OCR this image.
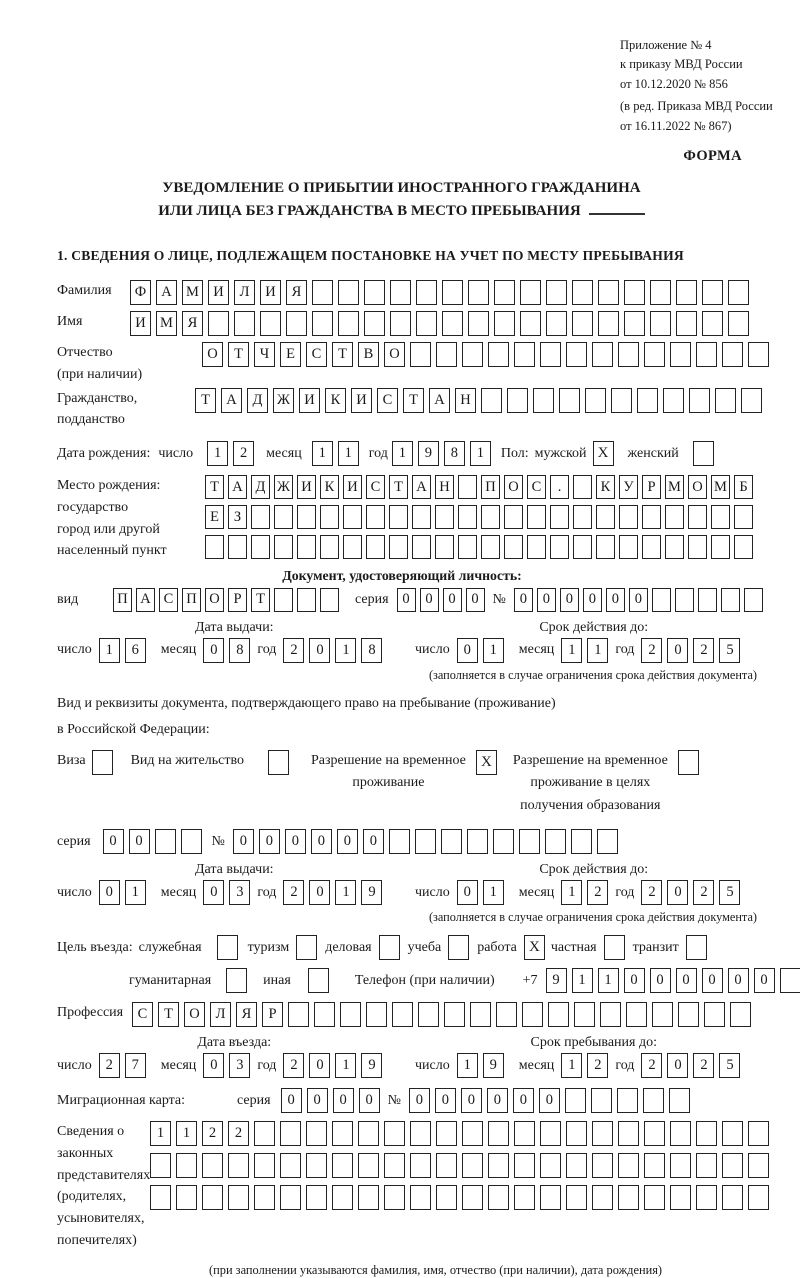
Приложение № 4
к приказу МВД России
от 10.12.2020 № 856
(в ред. Приказа МВД России
от 16.11.2022 № 867)
ФОРМА
УВЕДОМЛЕНИЕ О ПРИБЫТИИ ИНОСТРАННОГО ГРАЖДАНИНА
ИЛИ ЛИЦА БЕЗ ГРАЖДАНСТВА В МЕСТО ПРЕБЫВАНИЯ
1. СВЕДЕНИЯ О ЛИЦЕ, ПОДЛЕЖАЩЕМ ПОСТАНОВКЕ НА УЧЕТ ПО МЕСТУ ПРЕБЫВАНИЯ
Фамилия	Ф	А М И	Л	И	Я
Имя	И М	Я
Отчество
(при наличии)
О	Т	Ч	Е	С	Т	В	О
Гражданство,
подданство
Т	А	Д	Ж И	К	И	С	Т	А	Н
Дата рождения: число	1	2	месяц	1	1	год 1	9	8	1	Пол: мужской X	женский
Место рождения:
государство
город или другой
населенный пункт
Т А Д Ж И К И С Т А Н П О С	.	К У Р М О М Б
Е	З
Документ, удостоверяющий личность:
вид	П А С П О Р	Т	серия 0	0	0	0 № 0	0	0	0	0	0
Дата выдачи:	Срок действия до:
число 1	6	месяц 0	8 год 2	0	1	8	число 0	1	месяц 1	1 год 2	0	2	5
(заполняется в случае ограничения срока действия документа)
Вид и реквизиты документа, подтверждающего право на пребывание (проживание)
в Российской Федерации:
Виза	Вид на жительство	Разрешение на временное
проживание
X	Разрешение на временное
проживание в целях
получения образования
серия	0	0	№	0	0	0	0	0	0
Дата выдачи:	Срок действия до:
число 0	1	месяц 0	3 год 2	0	1	9	число 0	1	месяц 1	2 год 2	0	2	5
(заполняется в случае ограничения срока действия документа)
Цель въезда: служебная	туризм	деловая	учеба	работа X частная	транзит
гуманитарная	иная	Телефон (при наличии) +7	9	1	1	0	0	0	0	0	0
Профессия	С	Т	О	Л	Я	Р
Дата въезда:	Срок пребывания до:
число 2	7	месяц 0	3 год 2	0	1	9	число 1	9	месяц 1	2 год 2	0	2	5
Миграционная карта:	серия	0	0	0	0	№	0	0	0	0	0	0
Сведения о
законных
представителях
(родителях,
усыновителях,
попечителях)
1	1	2	2
(при заполнении указываются фамилия, имя, отчество (при наличии), дата рождения)
